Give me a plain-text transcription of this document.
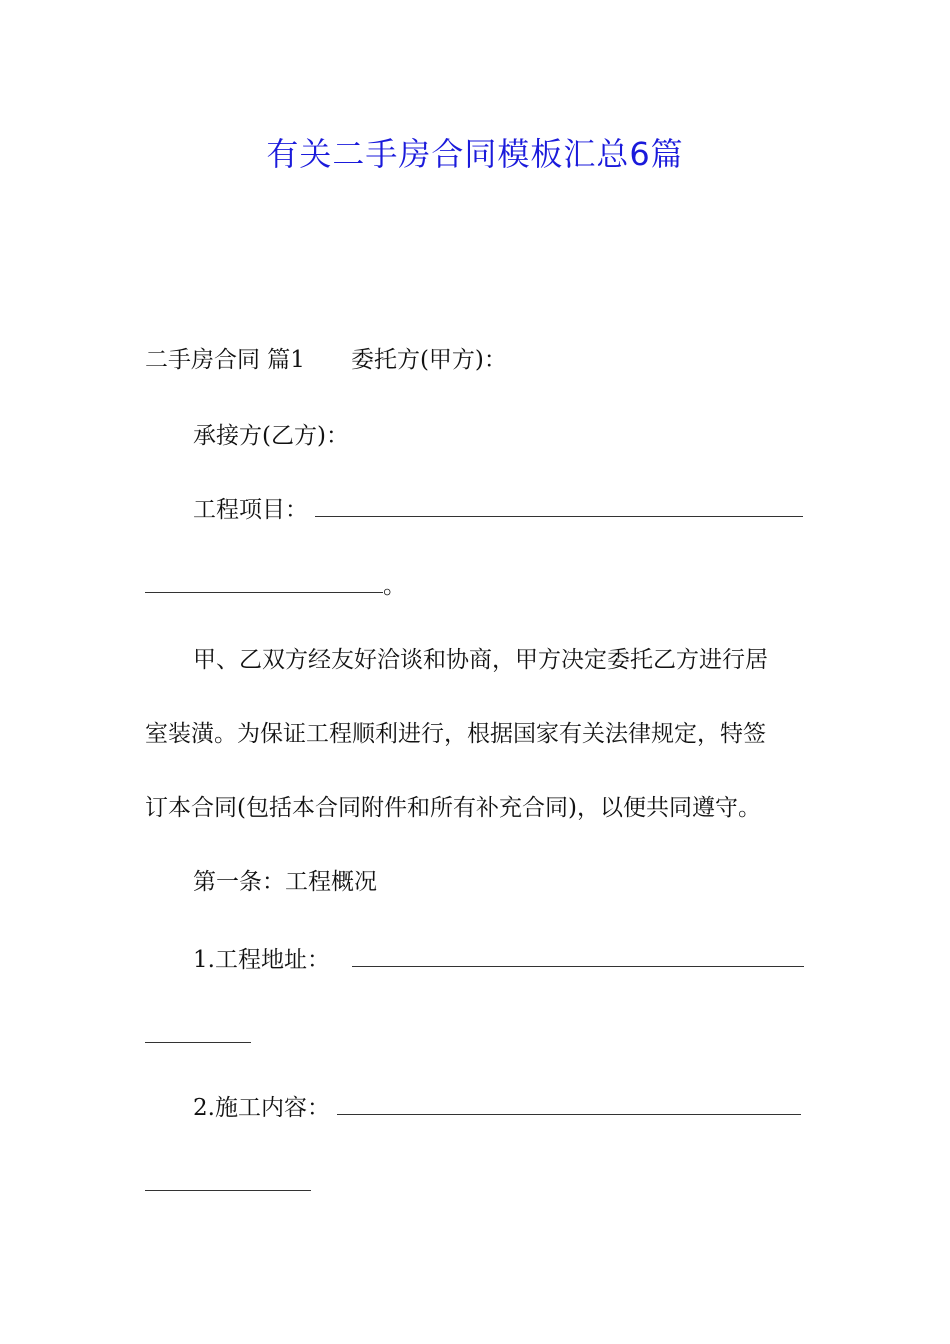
有关二手房合同模板汇总6篇
二手房合同 篇1 委托方(甲方)：
承接方(乙方)：
工程项目：
。
甲、乙双方经友好洽谈和协商，甲方决定委托乙方进行居
室装潢。为保证工程顺利进行，根据国家有关法律规定，特签
订本合同(包括本合同附件和所有补充合同)，以便共同遵守。
第一条：工程概况
1.工程地址：
2.施工内容：
